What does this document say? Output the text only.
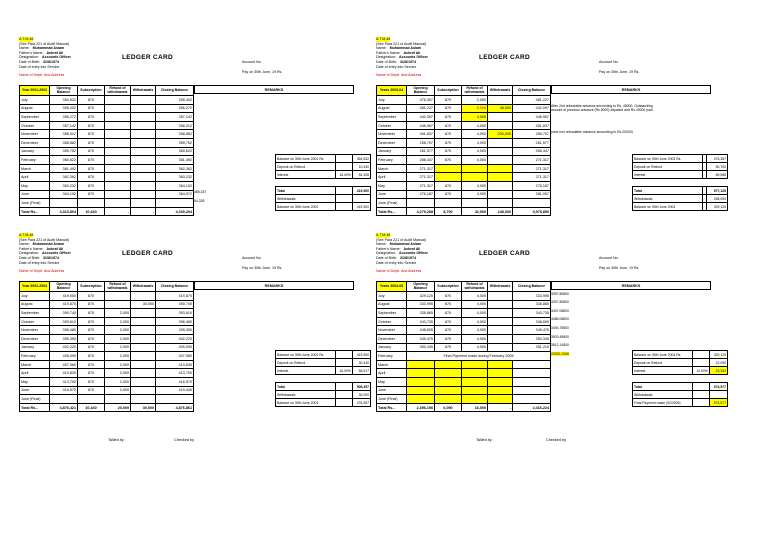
A.T.M-48
(See Para 221 of Audit Manual)
Name: Muhammad Aslam
Father's Name: Ashraf Ali
Designation: Accounts Officer
Date of Birth: 3/28/1974
Date of entry into Service
Name of Deptt. And Address
LEDGER CARD
Account No.
Pay on 30th June, 19 Rs.
Year 2001-2002	Opening Balance	Subscription	Refund of withdrawals	Withdrawals	Closing Balance
July	354,532	870			355,402
August	355,402	870			356,272
September	356,272	870			357,142
October	357,142	870			358,012
November	358,012	870			358,882
December	358,882	870			359,752
January	359,752	870			360,622
February	360,622	870			361,492
March	361,492	870			362,362
April	362,362	870			363,232
May	363,232	870			364,102
June	364,102	870			364,972
June (Final)					
Total Rs...	4,313,804	10,440	-	-	4,330,204
REMARKS
385,187
54,328
Balance on 30th June 2001 Rs.		354,532
Deposit on Refund		10,440
Interest	16.00%	54,328

Total		419,300
Withdrawals		
Balance on 30th June 2002		419,300
A.T.M-48
(See Para 221 of Audit Manual)
Name: Muhammad Aslam
Father's Name: Ashraf Ali
Designation: Accounts Officer
Date of Birth: 3/28/1974
Date of entry into Service
Name of Deptt. And Address
LEDGER CARD
Account No.
Pay on 30th June, 19 Rs.
Years 2003-04	Opening Balance	Subscription	Refund of withdrawals	Withdrawals	Closing Balance
July	476,357	870	2,000		481,227
August	481,227	870	8,000	48,000	442,097
September	442,097	870	4,000		446,967
October	446,967	870	4,000		451,837
November	451,837	870	4,000	200,000	256,707
December	256,707	870	4,000		261,577
January	261,577	870	4,000		266,447
February	266,447	870	4,000		271,317
March	271,317				271,317
April	271,317				271,317
May	271,317	870	4,000		276,187
June	276,187	870	4,000		281,057
June (Final)					
Total Rs...	4,279,288	8,700	42,000	248,000	3,978,850
REMARKS
After 2nd refundable advance amounting to Rs. 48000. Outstanding
amount of previous advance (Rs 8000) adjusted and Rs 40000 paid
(new non refundable advance amounting to Rs 20000)
Balance on 30th June 2003 Rs.		476,357
Deposit on Refund		50,700
Interest		69,068

Total		577,125
Withdrawals		248,000
Balance on 30th June 2004		329,125
A.T.M-48
(See Para 221 of Audit Manual)
Name: Muhammad Aslam
Father's Name: Ashraf Ali
Designation: Accounts Officer
Date of Birth: 3/28/1974
Date of entry into Service
Name of Deptt. And Address
LEDGER CARD
Account No.
Pay on 30th June, 19 Rs.
Year 2002-2003	Opening Balance	Subscription	Refund of withdrawals	Withdrawals	Closing Balance
July	419,000	870			419,870
August	419,870	870		30,000	390,740
September	390,740	870	2,000		393,610
October	393,610	870	2,000		396,480
November	396,480	870	2,000		399,350
December	399,350	870	2,000		402,220
January	402,220	870	2,000		405,090
February	405,090	870	2,000		407,960
March	407,960	870	2,000		410,830
April	410,830	870	2,000		413,700
May	413,700	870	2,000		416,570
June	416,570	870	2,000		419,440
June (Final)					
Total Rs...	4,876,421	10,440	20,000	30,000	4,876,861
REMARKS
Balance on 30th June 2002 Rs.		419,300
Deposit on Refund		30,440
Interest	16.00%	56,917

Total		506,357
Withdrawals		30,000
Balance on 30th June 2003		476,357
A.T.M-48
(See Para 221 of Audit Manual)
Name: Muhammad Aslam
Father's Name: Ashraf Ali
Designation: Accounts Officer
Date of Birth: 3/28/1974
Date of entry into Service
Name of Deptt. And Address
LEDGER CARD
Account No.
Pay on 30th June, 19 Rs.
Years 2004-05	Opening Balance	Subscription	Refund of withdrawals	Withdrawals	Closing Balance
July	329,125	870	4,000		333,995
August	333,995	870	4,000		338,865
September	338,865	870	4,000		343,735
October	343,735	870	4,000		348,605
November	348,605	870	4,000		349,475
December	349,475	870	4,000		350,345
January	350,345	870	4,000		351,215
February	Final Payment made during February 2005				
March					
April					
May					
June					
June (Final)					
Total Rs...	2,396,156	6,090	16,000	-	2,416,224
REMARKS
3397.80800
3397.80800
3437.06800
3486.06800
3494.75800
3503.45800
3512.14800
23252.2065	Balance on 30th June 2004 Rs.		329,125
Deposit on Refund		22,090
Interest	12.00%	23,332

Total		374,577
Withdrawals		
Final Payment made (02/2005)		374,577
Tallied by	Checked by	Tallied by	Checked by
